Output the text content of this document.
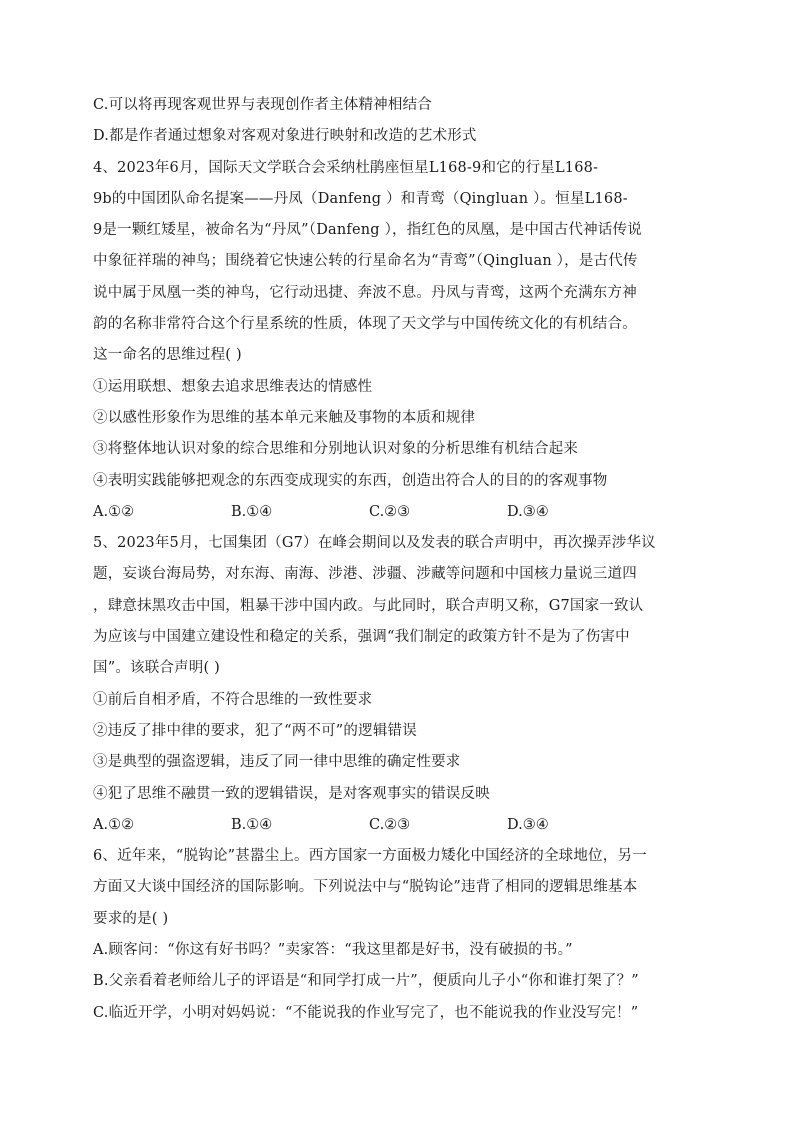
C.可以将再现客观世界与表现创作者主体精神相结合
D.都是作者通过想象对客观对象进行映射和改造的艺术形式
4、2023年6月，国际天文学联合会采纳杜鹃座恒星L168-9和它的行星L168-
9b的中国团队命名提案——丹凤（Danfeng ）和青鸾（Qingluan ）。恒星L168-
9是一颗红矮星，被命名为“丹凤”（Danfeng ），指红色的凤凰，是中国古代神话传说
中象征祥瑞的神鸟；围绕着它快速公转的行星命名为“青鸾”（Qingluan ），是古代传
说中属于凤凰一类的神鸟，它行动迅捷、奔波不息。丹凤与青鸾，这两个充满东方神
韵的名称非常符合这个行星系统的性质，体现了天文学与中国传统文化的有机结合。
这一命名的思维过程( )
①运用联想、想象去追求思维表达的情感性
②以感性形象作为思维的基本单元来触及事物的本质和规律
③将整体地认识对象的综合思维和分别地认识对象的分析思维有机结合起来
④表明实践能够把观念的东西变成现实的东西，创造出符合人的目的的客观事物
A.①②	B.①④	C.②③	D.③④
5、2023年5月，七国集团（G7）在峰会期间以及发表的联合声明中，再次操弄涉华议
题，妄谈台海局势，对东海、南海、涉港、涉疆、涉藏等问题和中国核力量说三道四
，肆意抹黑攻击中国，粗暴干涉中国内政。与此同时，联合声明又称，G7国家一致认
为应该与中国建立建设性和稳定的关系，强调“我们制定的政策方针不是为了伤害中
国”。该联合声明( )
①前后自相矛盾，不符合思维的一致性要求
②违反了排中律的要求，犯了“两不可”的逻辑错误
③是典型的强盗逻辑，违反了同一律中思维的确定性要求
④犯了思维不融贯一致的逻辑错误，是对客观事实的错误反映
A.①②	B.①④	C.②③	D.③④
6、近年来，“脱钩论”甚嚣尘上。西方国家一方面极力矮化中国经济的全球地位，另一
方面又大谈中国经济的国际影响。下列说法中与“脱钩论”违背了相同的逻辑思维基本
要求的是( )
A.顾客问：“你这有好书吗？”卖家答：“我这里都是好书，没有破损的书。”
B.父亲看着老师给儿子的评语是“和同学打成一片”，便质向儿子小“你和谁打架了？”
C.临近开学，小明对妈妈说：“不能说我的作业写完了，也不能说我的作业没写完！”
